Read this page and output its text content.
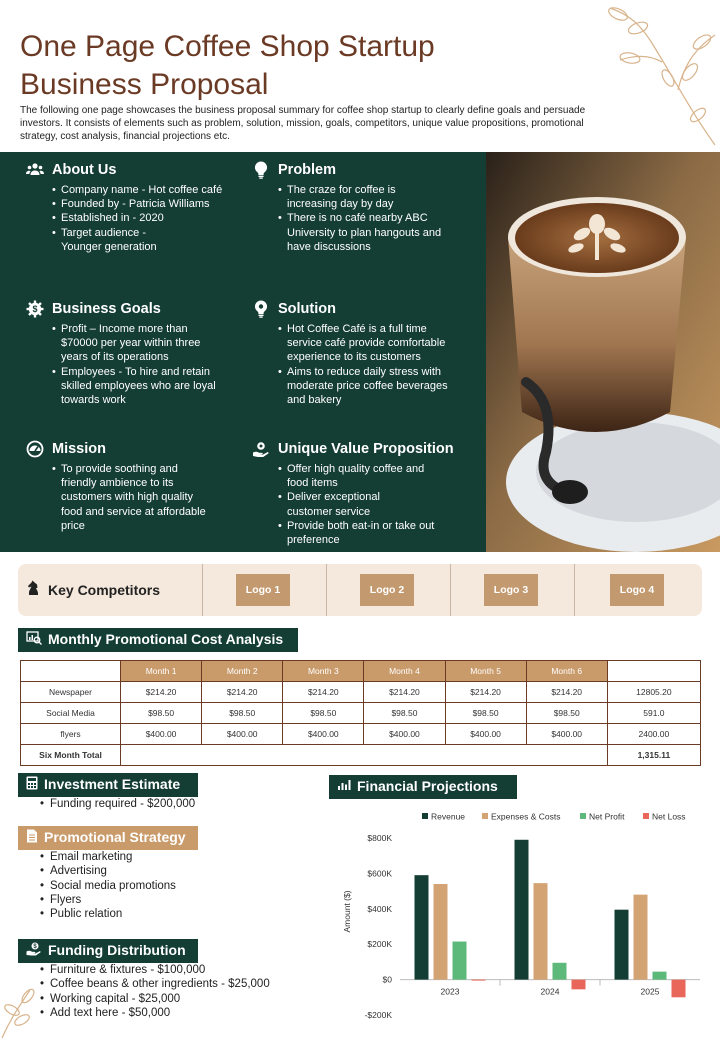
One Page Coffee Shop Startup
Business Proposal

The following one page showcases the business proposal summary for coffee shop startup to clearly define goals and persuade investors. It consists of elements such as problem, solution, mission, goals, competitors, unique value propositions, promotional strategy, cost analysis, financial projections etc.

About Us
• Company name - Hot coffee café
• Founded by - Patricia Williams
• Established in - 2020
• Target audience - Younger generation
Problem
• The craze for coffee is increasing day by day
• There is no café nearby ABC University to plan hangouts and have discussions
$ Business Goals
• Profit – Income more than $70000 per year within three years of its operations
• Employees - To hire and retain skilled employees who are loyal towards work
Solution
• Hot Coffee Café is a full time service café provide comfortable experience to its customers
• Aims to reduce daily stress with moderate price coffee beverages and bakery
Mission
• To provide soothing and friendly ambience to its customers with high quality food and service at affordable price
Unique Value Proposition
• Offer high quality coffee and food items
• Deliver exceptional customer service
• Provide both eat-in or take out preference
Key Competitors	Logo 1	Logo 2	Logo 3	Logo 4
Monthly Promotional Cost Analysis
	Month 1	Month 2	Month 3	Month 4	Month 5	Month 6	
Newspaper	$214.20	$214.20	$214.20	$214.20	$214.20	$214.20	12805.20
Social Media	$98.50	$98.50	$98.50	$98.50	$98.50	$98.50	591.0
flyers	$400.00	$400.00	$400.00	$400.00	$400.00	$400.00	2400.00
Six Month Total							1,315.11
Investment Estimate
• Funding required - $200,000
Promotional Strategy
• Email marketing
• Advertising
• Social media promotions
• Flyers
• Public relation
$ Funding Distribution
• Furniture & fixtures - $100,000
• Coffee beans & other ingredients - $25,000
• Working capital - $25,000
• Add text here - $50,000
Financial Projections
Revenue	Expenses & Costs	Net Profit	Net Loss
$800K
$600K
$400K
$200K
$0
-$200K
Amount ($)
2023	2024	2025
